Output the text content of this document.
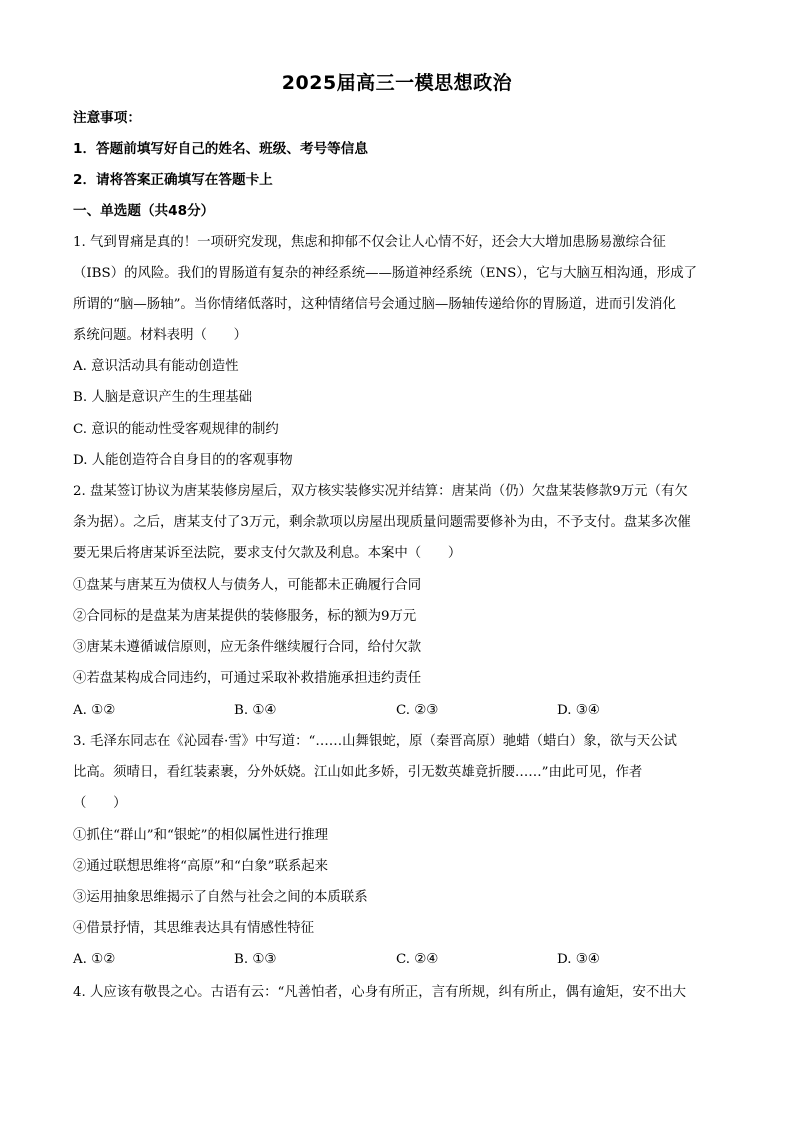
2025届高三一模思想政治
注意事项：
1．答题前填写好自己的姓名、班级、考号等信息
2．请将答案正确填写在答题卡上
一、单选题（共48分）
1. 气到胃痛是真的！一项研究发现，焦虑和抑郁不仅会让人心情不好，还会大大增加患肠易激综合征
（IBS）的风险。我们的胃肠道有复杂的神经系统——肠道神经系统（ENS），它与大脑互相沟通，形成了
所谓的“脑—肠轴”。当你情绪低落时，这种情绪信号会通过脑—肠轴传递给你的胃肠道，进而引发消化
系统问题。材料表明（　　）
A. 意识活动具有能动创造性
B. 人脑是意识产生的生理基础
C. 意识的能动性受客观规律的制约
D. 人能创造符合自身目的的客观事物
2. 盘某签订协议为唐某装修房屋后，双方核实装修实况并结算：唐某尚（仍）欠盘某装修款9万元（有欠
条为据）。之后，唐某支付了3万元，剩余款项以房屋出现质量问题需要修补为由，不予支付。盘某多次催
要无果后将唐某诉至法院，要求支付欠款及利息。本案中（　　）
①盘某与唐某互为债权人与债务人，可能都未正确履行合同
②合同标的是盘某为唐某提供的装修服务，标的额为9万元
③唐某未遵循诚信原则，应无条件继续履行合同，给付欠款
④若盘某构成合同违约，可通过采取补救措施承担违约责任
A. ①②	B. ①④	C. ②③	D. ③④
3. 毛泽东同志在《沁园春·雪》中写道：“……山舞银蛇，原（秦晋高原）驰蜡（蜡白）象，欲与天公试
比高。须晴日，看红装素裹，分外妖娆。江山如此多娇，引无数英雄竟折腰……”由此可见，作者
（　　）
①抓住“群山”和“银蛇”的相似属性进行推理
②通过联想思维将“高原”和“白象”联系起来
③运用抽象思维揭示了自然与社会之间的本质联系
④借景抒情，其思维表达具有情感性特征
A. ①②	B. ①③	C. ②④	D. ③④
4. 人应该有敬畏之心。古语有云：“凡善怕者，心身有所正，言有所规，纠有所止，偶有逾矩，安不出大
